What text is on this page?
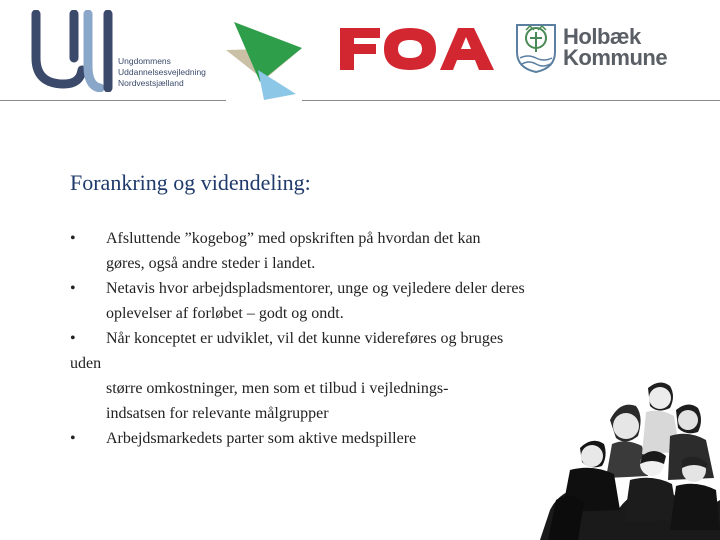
Ungdommens
Uddannelsesvejledning
Nordvestsjælland
Holbæk
Kommune
Forankring og videndeling:
• Afsluttende ”kogebog” med opskriften på hvordan det kan
gøres, også andre steder i landet.
• Netavis hvor arbejdspladsmentorer, unge og vejledere deler deres
oplevelser af forløbet – godt og ondt.
• Når konceptet er udviklet, vil det kunne videreføres og bruges
uden
større omkostninger, men som et tilbud i vejlednings-
indsatsen for relevante målgrupper
• Arbejdsmarkedets parter som aktive medspillere
